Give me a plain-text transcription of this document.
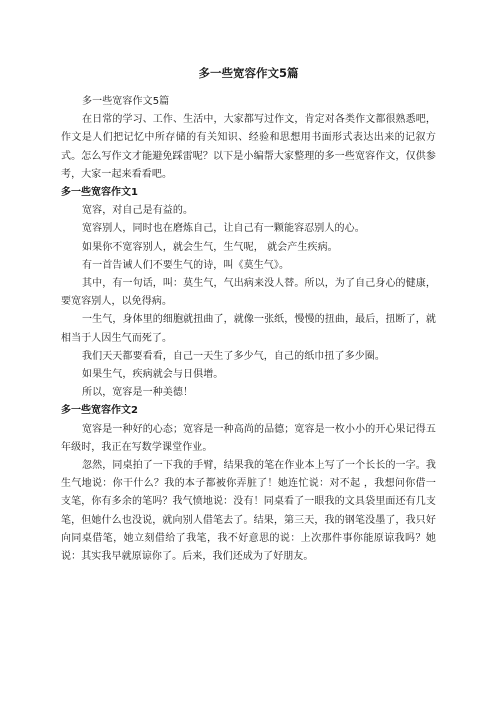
多一些宽容作文5篇

多一些宽容作文5篇

在日常的学习、工作、生活中，大家都写过作文，肯定对各类作文都很熟悉吧，作文是人们把记忆中所存储的有关知识、经验和思想用书面形式表达出来的记叙方式。怎么写作文才能避免踩雷呢？以下是小编帮大家整理的多一些宽容作文，仅供参考，大家一起来看看吧。

多一些宽容作文1

宽容，对自己是有益的。

宽容别人，同时也在磨炼自己，让自己有一颗能容忍别人的心。

如果你不宽容别人，就会生气，生气呢， 就会产生疾病。

有一首告诫人们不要生气的诗，叫《莫生气》。

其中，有一句话，叫：莫生气，气出病来没人替。所以，为了自己身心的健康，要宽容别人，以免得病。

一生气，身体里的细胞就扭曲了，就像一张纸，慢慢的扭曲，最后，扭断了，就相当于人因生气而死了。

我们天天都要看看，自己一天生了多少气，自己的纸巾扭了多少圈。

如果生气，疾病就会与日俱增。

所以，宽容是一种美德！

多一些宽容作文2

宽容是一种好的心态；宽容是一种高尚的品德；宽容是一枚小小的开心果记得五年级时，我正在写数学课堂作业。

忽然，同桌拍了一下我的手臂，结果我的笔在作业本上写了一个长长的一字。我生气地说：你干什么？我的本子都被你弄脏了！她连忙说：对不起 ，我想问你借一支笔，你有多余的笔吗？我气愤地说：没有！同桌看了一眼我的文具袋里面还有几支笔，但她什么也没说，就向别人借笔去了。结果，第三天，我的钢笔没墨了，我只好向同桌借笔，她立刻借给了我笔，我不好意思的说：上次那件事你能原谅我吗？她说：其实我早就原谅你了。后来，我们还成为了好朋友。
